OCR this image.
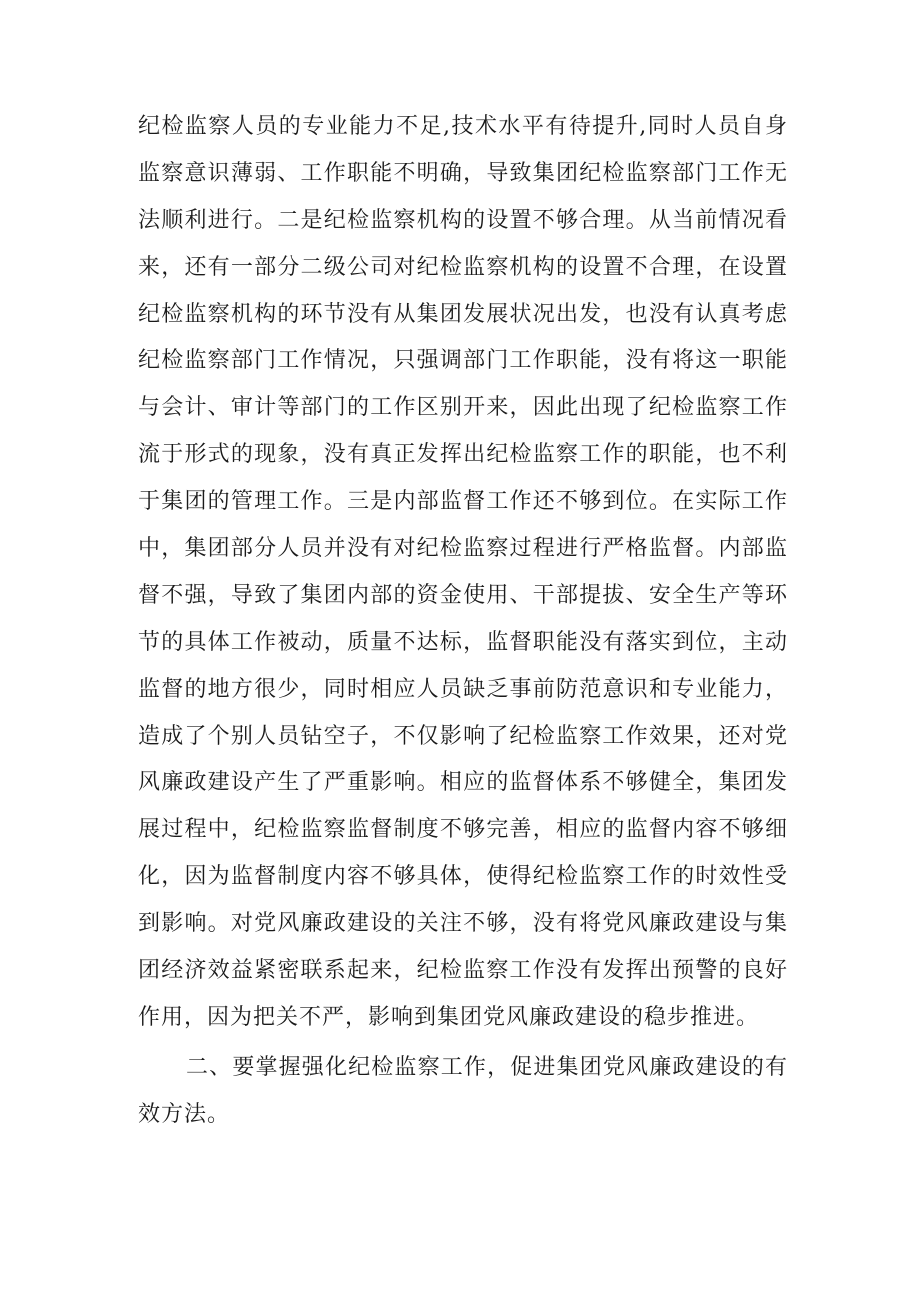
纪检监察人员的专业能力不足,技术水平有待提升,同时人员自身
监察意识薄弱、工作职能不明确，导致集团纪检监察部门工作无
法顺利进行。二是纪检监察机构的设置不够合理。从当前情况看
来，还有一部分二级公司对纪检监察机构的设置不合理，在设置
纪检监察机构的环节没有从集团发展状况出发，也没有认真考虑
纪检监察部门工作情况，只强调部门工作职能，没有将这一职能
与会计、审计等部门的工作区别开来，因此出现了纪检监察工作
流于形式的现象，没有真正发挥出纪检监察工作的职能，也不利
于集团的管理工作。三是内部监督工作还不够到位。在实际工作
中，集团部分人员并没有对纪检监察过程进行严格监督。内部监
督不强，导致了集团内部的资金使用、干部提拔、安全生产等环
节的具体工作被动，质量不达标，监督职能没有落实到位，主动
监督的地方很少，同时相应人员缺乏事前防范意识和专业能力，
造成了个别人员钻空子，不仅影响了纪检监察工作效果，还对党
风廉政建设产生了严重影响。相应的监督体系不够健全，集团发
展过程中，纪检监察监督制度不够完善，相应的监督内容不够细
化，因为监督制度内容不够具体，使得纪检监察工作的时效性受
到影响。对党风廉政建设的关注不够，没有将党风廉政建设与集
团经济效益紧密联系起来，纪检监察工作没有发挥出预警的良好
作用，因为把关不严，影响到集团党风廉政建设的稳步推进。
二、要掌握强化纪检监察工作，促进集团党风廉政建设的有
效方法。
